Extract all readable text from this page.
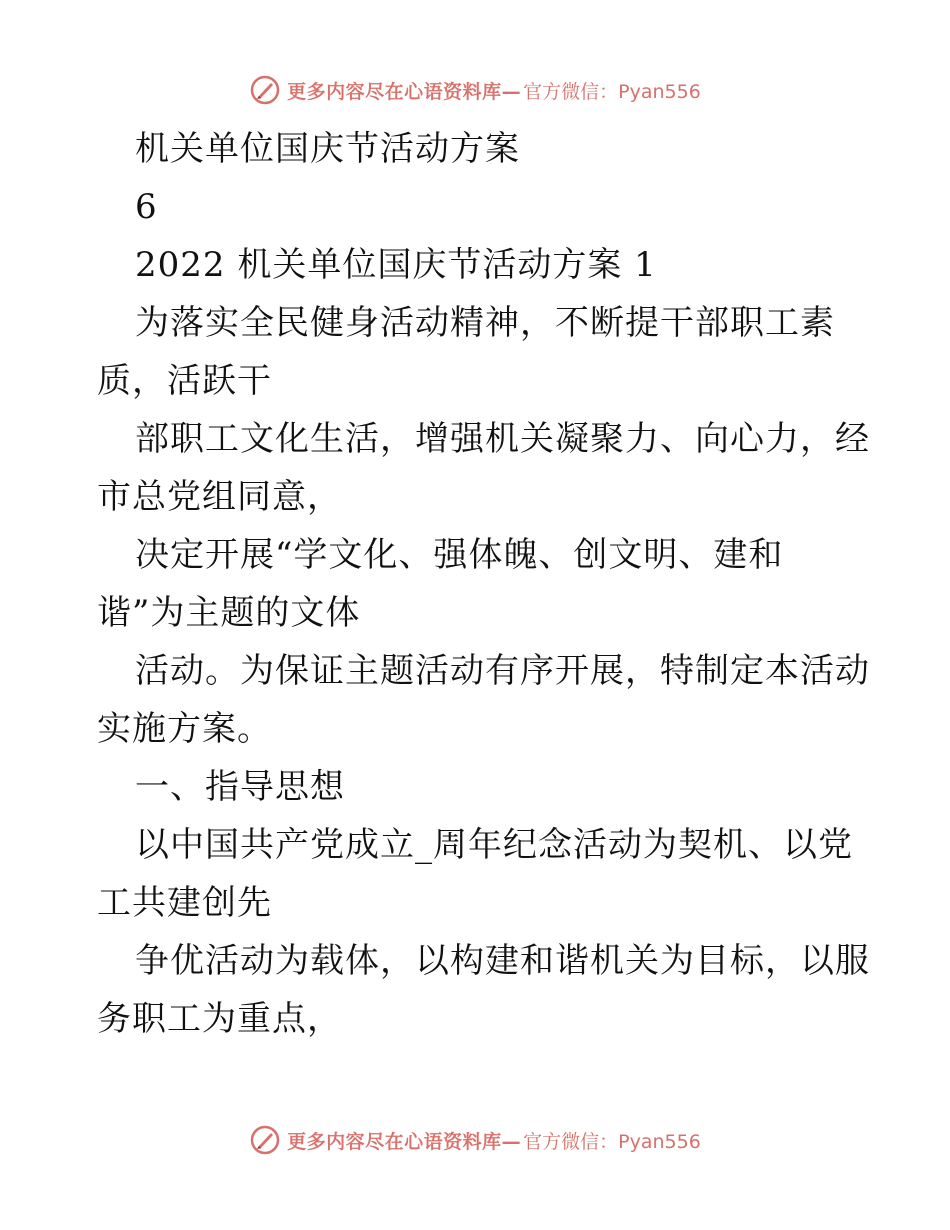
更多内容尽在心语资料库— 官方微信：Pyan556
机关单位国庆节活动方案
6
2022 机关单位国庆节活动方案 1
为落实全民健身活动精神，不断提干部职工素
质，活跃干
部职工文化生活，增强机关凝聚力、向心力，经
市总党组同意，
决定开展“学文化、强体魄、创文明、建和
谐”为主题的文体
活动。为保证主题活动有序开展，特制定本活动
实施方案。
一、指导思想
以中国共产党成立_周年纪念活动为契机、以党
工共建创先
争优活动为载体，以构建和谐机关为目标，以服
务职工为重点，
更多内容尽在心语资料库— 官方微信：Pyan556
